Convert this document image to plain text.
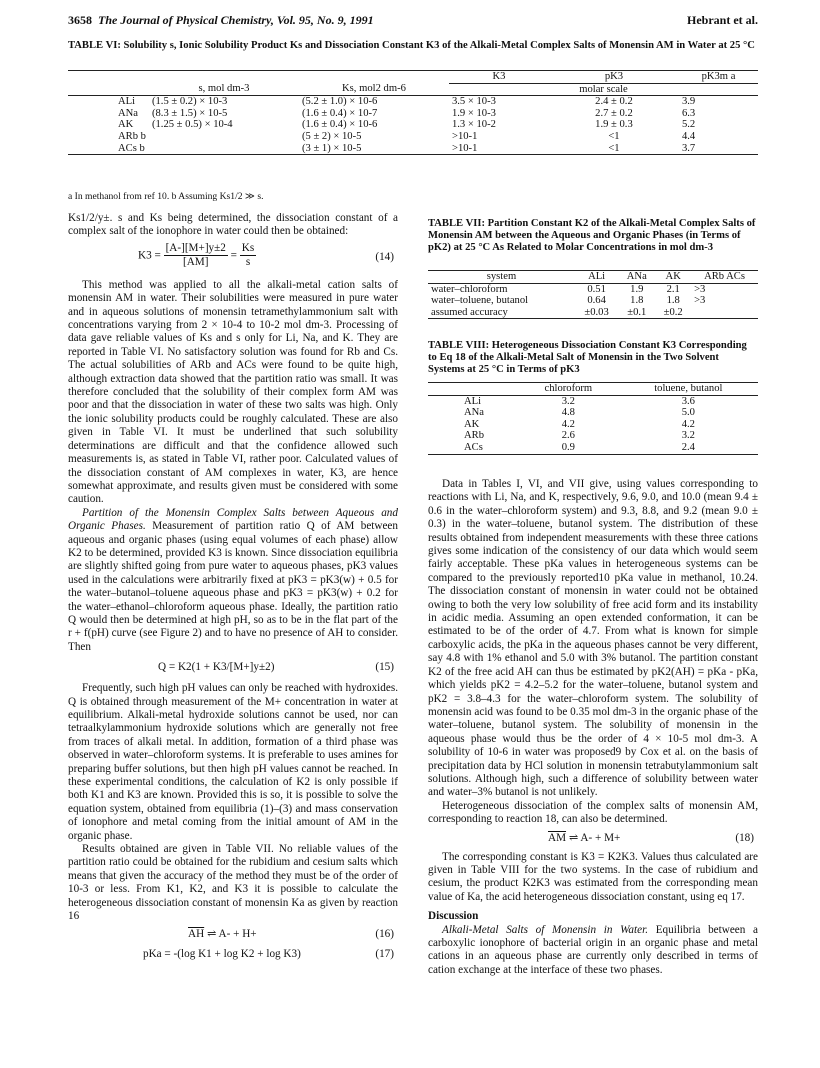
3658 The Journal of Physical Chemistry, Vol. 95, No. 9, 1991	Hebrant et al.
TABLE VI: Solubility s, Ionic Solubility Product Ks and Dissociation Constant K3 of the Alkali-Metal Complex Salts of Monensin AM in Water at 25 °C
			K3	pK3	pK3m a
	s, mol dm-3	Ks, mol2 dm-6	molar scale		
ALi	(1.5 ± 0.2) × 10-3	(5.2 ± 1.0) × 10-6	3.5 × 10-3	2.4 ± 0.2	3.9
ANa	(8.3 ± 1.5) × 10-5	(1.6 ± 0.4) × 10-7	1.9 × 10-3	2.7 ± 0.2	6.3
AK	(1.25 ± 0.5) × 10-4	(1.6 ± 0.4) × 10-6	1.3 × 10-2	1.9 ± 0.3	5.2
ARb b		(5 ± 2) × 10-5	>10-1	<1	4.4
ACs b		(3 ± 1) × 10-5	>10-1	<1	3.7
a In methanol from ref 10. b Assuming Ks1/2 ≫ s.

Ks1/2/y±. s and Ks being determined, the dissociation constant of a complex salt of the ionophore in water could then be obtained:

$K3 = \frac{[A-][M+]y\pm 2}{[AM]} = \frac{Ks}{s}$	(14)

This method was applied to all the alkali-metal cation salts of monensin AM in water. Their solubilities were measured in pure water and in aqueous solutions of monensin tetramethylammonium salt with concentrations varying from 2 × 10-4 to 10-2 mol dm-3. Processing of data gave reliable values of Ks and s only for Li, Na, and K. They are reported in Table VI. No satisfactory solution was found for Rb and Cs. The actual solubilities of ARb and ACs were found to be quite high, although extraction data showed that the partition ratio was small. It was therefore concluded that the solubility of their complex form AM was poor and that the dissociation in water of these two salts was high. Only the ionic solubility products could be roughly calculated. These are also given in Table VI. It must be underlined that such solubility determinations are difficult and that the confidence allowed such measurements is, as stated in Table VI, rather poor. Calculated values of the dissociation constant of AM complexes in water, K3, are hence somewhat approximate, and results given must be considered with some caution.

Partition of the Monensin Complex Salts between Aqueous and Organic Phases. Measurement of partition ratio Q of AM between aqueous and organic phases (using equal volumes of each phase) allow K2 to be determined, provided K3 is known. Since dissociation equilibria are slightly shifted going from pure water to aqueous phases, pK3 values used in the calculations were arbitrarily fixed at pK3 = pK3(w) + 0.5 for the water–butanol–toluene aqueous phase and pK3 = pK3(w) + 0.2 for the water–ethanol–chloroform aqueous phase. Ideally, the partition ratio Q would then be determined at high pH, so as to be in the flat part of the r + f(pH) curve (see Figure 2) and to have no presence of AH to consider. Then

Q = K2(1 + K3/[M+]y±2)	(15)

Frequently, such high pH values can only be reached with hydroxides. Q is obtained through measurement of the M+ concentration in water at equilibrium. Alkali-metal hydroxide solutions cannot be used, nor can tetraalkylammonium hydroxide solutions which are generally not free from traces of alkali metal. In addition, formation of a third phase was observed in water–chloroform systems. It is preferable to uses amines for preparing buffer solutions, but then high pH values cannot be reached. In these experimental conditions, the calculation of K2 is only possible if both K1 and K3 are known. Provided this is so, it is possible to solve the equation system, obtained from equilibria (1)–(3) and mass conservation of ionophore and metal coming from the initial amount of AM in the organic phase.

Results obtained are given in Table VII. No reliable values of the partition ratio could be obtained for the rubidium and cesium salts which means that given the accuracy of the method they must be of the order of 10-3 or less. From K1, K2, and K3 it is possible to calculate the heterogeneous dissociation constant of monensin Ka as given by reaction 16

$\overline{AH}$ ⇌ A- + H+	(16)
pKa = -(log K1 + log K2 + log K3)	(17)
TABLE VII: Partition Constant K2 of the Alkali-Metal Complex Salts of Monensin AM between the Aqueous and Organic Phases (in Terms of pK2) at 25 °C As Related to Molar Concentrations in mol dm-3
system	ALi	ANa	AK	ARb ACs
water–chloroform	0.51	1.9	2.1	>3
water–toluene, butanol	0.64	1.8	1.8	>3
assumed accuracy	±0.03	±0.1	±0.2	
TABLE VIII: Heterogeneous Dissociation Constant K3 Corresponding to Eq 18 of the Alkali-Metal Salt of Monensin in the Two Solvent Systems at 25 °C in Terms of pK3
	chloroform	toluene, butanol
ALi	3.2	3.6
ANa	4.8	5.0
AK	4.2	4.2
ARb	2.6	3.2
ACs	0.9	2.4

Data in Tables I, VI, and VII give, using values corresponding to reactions with Li, Na, and K, respectively, 9.6, 9.0, and 10.0 (mean 9.4 ± 0.6 in the water–chloroform system) and 9.3, 8.8, and 9.2 (mean 9.0 ± 0.3) in the water–toluene, butanol system. The distribution of these results obtained from independent measurements with these three cations gives some indication of the consistency of our data which would seem fairly acceptable. These pKa values in heterogeneous systems can be compared to the previously reported10 pKa value in methanol, 10.24. The dissociation constant of monensin in water could not be obtained owing to both the very low solubility of free acid form and its instability in acidic media. Assuming an open extended conformation, it can be estimated to be of the order of 4.7. From what is known for simple carboxylic acids, the pKa in the aqueous phases cannot be very different, say 4.8 with 1% ethanol and 5.0 with 3% butanol. The partition constant K2 of the free acid AH can thus be estimated by pK2(AH) = pKa - pKa, which yields pK2 = 4.2–5.2 for the water–toluene, butanol system and pK2 = 3.8–4.3 for the water–chloroform system. The solubility of monensin acid was found to be 0.35 mol dm-3 in the organic phase of the water–toluene, butanol system. The solubility of monensin in the aqueous phase would thus be the order of 4 × 10-5 mol dm-3. A solubility of 10-6 in water was proposed9 by Cox et al. on the basis of precipitation data by HCl solution in monensin tetrabutylammonium salt solutions. Although high, such a difference of solubility between water and water–3% butanol is not unlikely.

Heterogeneous dissociation of the complex salts of monensin AM, corresponding to reaction 18, can also be determined.

$\overline{AM}$ ⇌ A- + M+	(18)

The corresponding constant is K3 = K2K3. Values thus calculated are given in Table VIII for the two systems. In the case of rubidium and cesium, the product K2K3 was estimated from the corresponding mean value of Ka, the acid heterogeneous dissociation constant, using eq 17.

Discussion

Alkali-Metal Salts of Monensin in Water. Equilibria between a carboxylic ionophore of bacterial origin in an organic phase and metal cations in an aqueous phase are currently only described in terms of cation exchange at the interface of these two phases.
